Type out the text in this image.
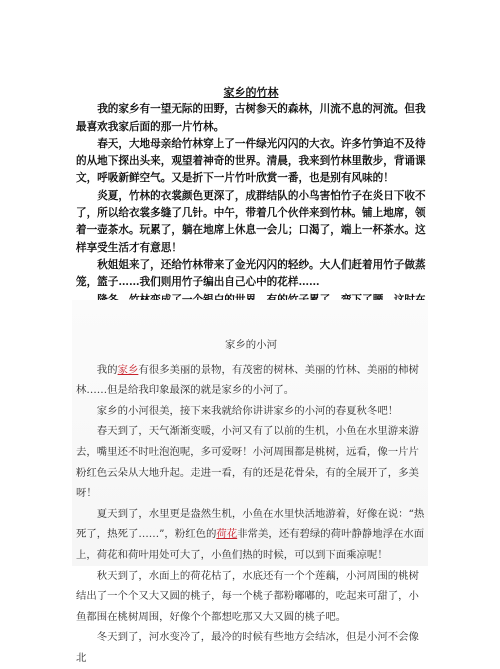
家乡的竹林

我的家乡有一望无际的田野，古树参天的森林，川流不息的河流。但我最喜欢我家后面的那一片竹林。

春天，大地母亲给竹林穿上了一件绿光闪闪的大衣。许多竹笋迫不及待的从地下探出头来，观望着神奇的世界。清晨，我来到竹林里散步，背诵课文，呼吸新鲜空气。又是折下一片竹叶欣赏一番，也是别有风味的！

炎夏，竹林的衣裳颜色更深了，成群结队的小鸟害怕竹子在炎日下收不了，所以给衣裳多缝了几针。中午，带着几个伙伴来到竹林。铺上地席，领着一壶茶水。玩累了，躺在地席上休息一会儿；口渴了，端上一杯茶水。这样享受生活才有意思！

秋姐姐来了，还给竹林带来了金光闪闪的轻纱。大人们赶着用竹子做蒸笼，篮子……我们则用竹子编出自己心中的花样……

家乡的小河

我的家乡有很多美丽的景物，有茂密的树林、美丽的竹林、美丽的柿树林……但是给我印象最深的就是家乡的小河了。

家乡的小河很美，接下来我就给你讲讲家乡的小河的春夏秋冬吧！

春天到了，天气渐渐变暖，小河又有了以前的生机，小鱼在水里游来游去，嘴里还不时吐泡泡呢，多可爱呀！小河周围都是桃树，远看，像一片片粉红色云朵从大地升起。走进一看，有的还是花骨朵，有的全展开了，多美呀！

夏天到了，水里更是盎然生机，小鱼在水里快活地游着，好像在说：“热死了，热死了……”，粉红色的荷花非常美，还有碧绿的荷叶静静地浮在水面上，荷花和荷叶用处可大了，小鱼们热的时候，可以到下面乘凉呢！

秋天到了，水面上的荷花枯了，水底还有一个个莲藕，小河周围的桃树结出了一个个又大又圆的桃子，每一个桃子都粉嘟嘟的，吃起来可甜了，小鱼都围在桃树周围，好像个个都想吃那又大又圆的桃子吧。

冬天到了，河水变冷了，最冷的时候有些地方会结冰，但是小河不会像北
